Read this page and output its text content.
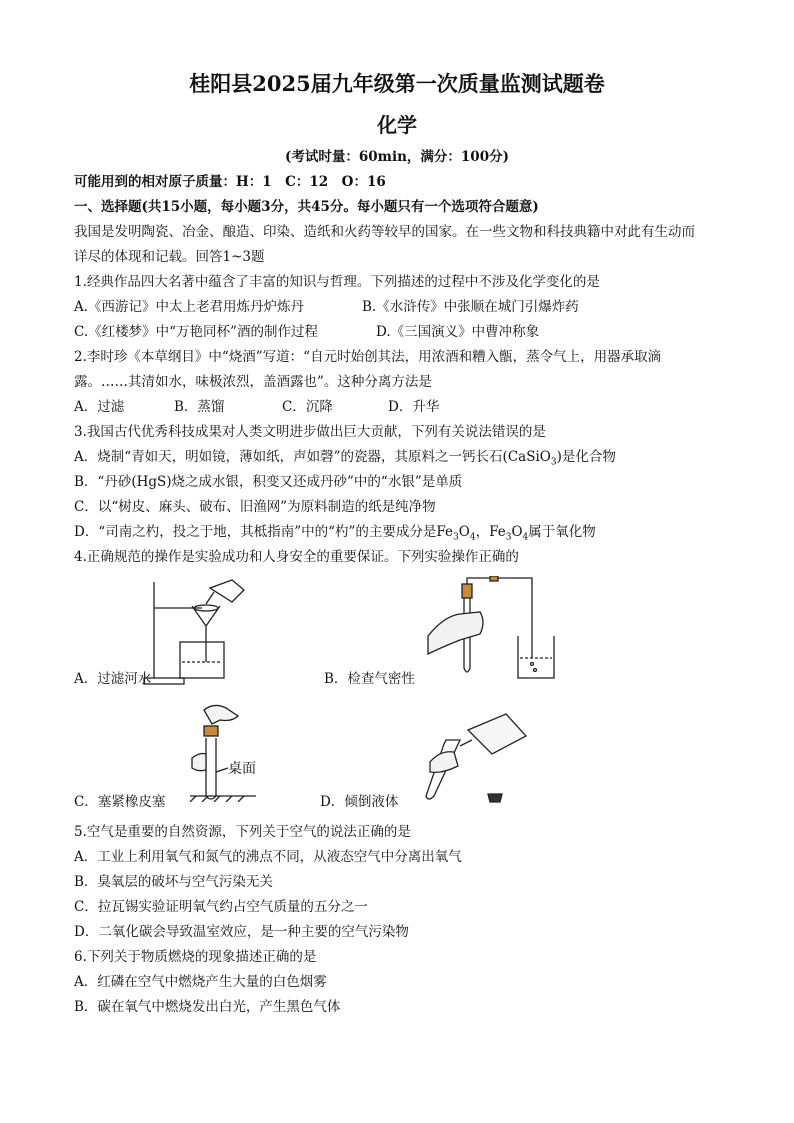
桂阳县2025届九年级第一次质量监测试题卷
化学
(考试时量：60min，满分：100分)
可能用到的相对原子质量：H：1　C：12　O：16
一、选择题(共15小题，每小题3分，共45分。每小题只有一个选项符合题意)
我国是发明陶瓷、冶金、酿造、印染、造纸和火药等较早的国家。在一些文物和科技典籍中对此有生动而
详尽的体现和记载。回答1~3题
1.经典作品四大名著中蕴含了丰富的知识与哲理。下列描述的过程中不涉及化学变化的是
A.《西游记》中太上老君用炼丹炉炼丹	B.《水浒传》中张顺在城门引爆炸药
C.《红楼梦》中“万艳同杯”酒的制作过程	D.《三国演义》中曹冲称象
2.李时珍《本草纲目》中“烧酒”写道：“自元时始创其法，用浓酒和糟入甑，蒸令气上，用器承取滴
露。……其清如水，味极浓烈，盖酒露也”。这种分离方法是
A．过滤	B．蒸馏	C．沉降	D．升华
3.我国古代优秀科技成果对人类文明进步做出巨大贡献，下列有关说法错误的是
A．烧制“青如天，明如镜，薄如纸，声如磬”的瓷器，其原料之一钙长石(CaSiO$_3$)是化合物
B．“丹砂(HgS)烧之成水银，积变又还成丹砂”中的“水银”是单质
C．以“树皮、麻头、破布、旧渔网”为原料制造的纸是纯净物
D．“司南之杓，投之于地，其柢指南”中的“杓”的主要成分是$Fe_3O_4$，$Fe_3O_4$属于氧化物
4.正确规范的操作是实验成功和人身安全的重要保证。下列实验操作正确的
A．过滤河水	B．检查气密性
桌面
C．塞紧橡皮塞	D．倾倒液体
5.空气是重要的自然资源，下列关于空气的说法正确的是
A．工业上利用氧气和氮气的沸点不同，从液态空气中分离出氧气
B．臭氧层的破坏与空气污染无关
C．拉瓦锡实验证明氧气约占空气质量的五分之一
D．二氧化碳会导致温室效应，是一种主要的空气污染物
6.下列关于物质燃烧的现象描述正确的是
A．红磷在空气中燃烧产生大量的白色烟雾
B．碳在氧气中燃烧发出白光，产生黑色气体
